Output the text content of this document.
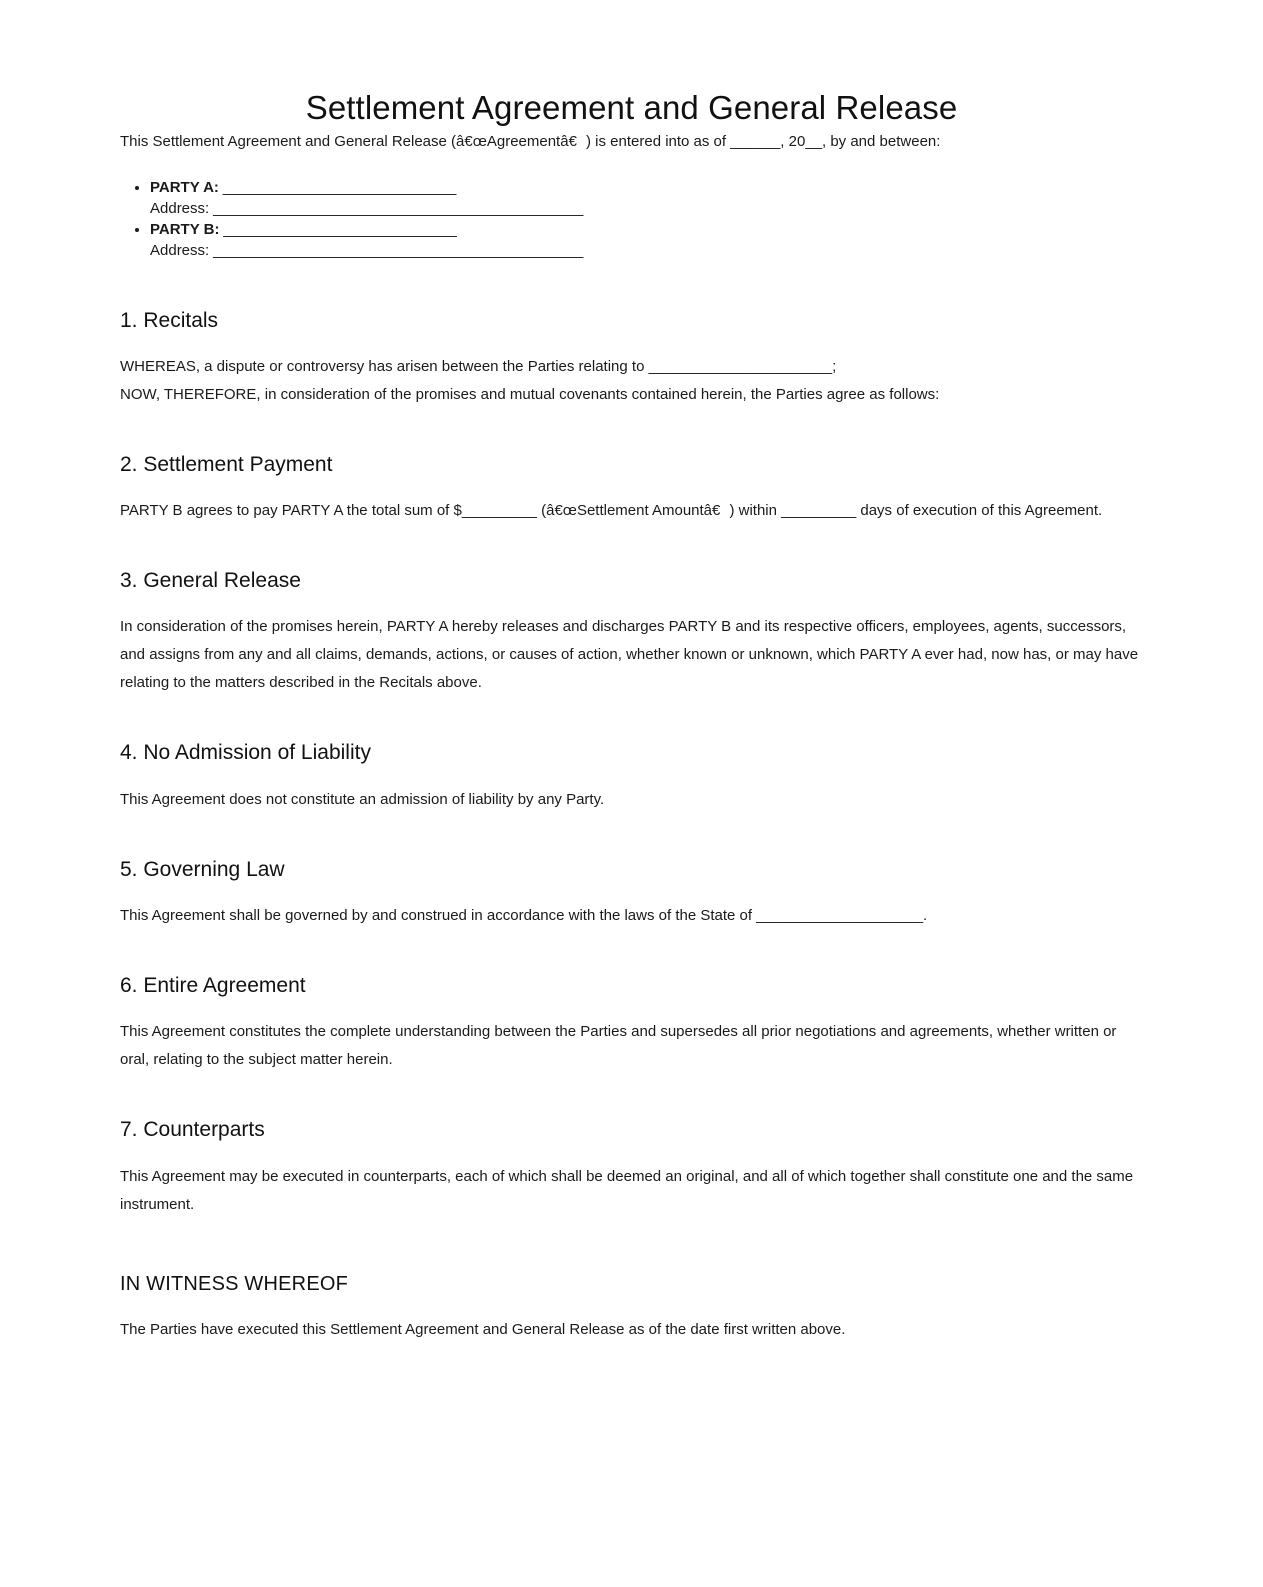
Settlement Agreement and General Release

This Settlement Agreement and General Release (â€œAgreementâ€) is entered into as of ______, 20__, by and between:

• PARTY A: _____________________________
Address: ______________________________________________
• PARTY B: _____________________________
Address: ______________________________________________
1. Recitals

WHEREAS, a dispute or controversy has arisen between the Parties relating to ______________________;

NOW, THEREFORE, in consideration of the promises and mutual covenants contained herein, the Parties agree as follows:

2. Settlement Payment

PARTY B agrees to pay PARTY A the total sum of $_________ (â€œSettlement Amountâ€) within _________ days of execution of this Agreement.

3. General Release

In consideration of the promises herein, PARTY A hereby releases and discharges PARTY B and its respective officers, employees, agents, successors, and assigns from any and all claims, demands, actions, or causes of action, whether known or unknown, which PARTY A ever had, now has, or may have relating to the matters described in the Recitals above.

4. No Admission of Liability

This Agreement does not constitute an admission of liability by any Party.

5. Governing Law

This Agreement shall be governed by and construed in accordance with the laws of the State of ____________________.

6. Entire Agreement

This Agreement constitutes the complete understanding between the Parties and supersedes all prior negotiations and agreements, whether written or oral, relating to the subject matter herein.

7. Counterparts

This Agreement may be executed in counterparts, each of which shall be deemed an original, and all of which together shall constitute one and the same instrument.

IN WITNESS WHEREOF

The Parties have executed this Settlement Agreement and General Release as of the date first written above.
